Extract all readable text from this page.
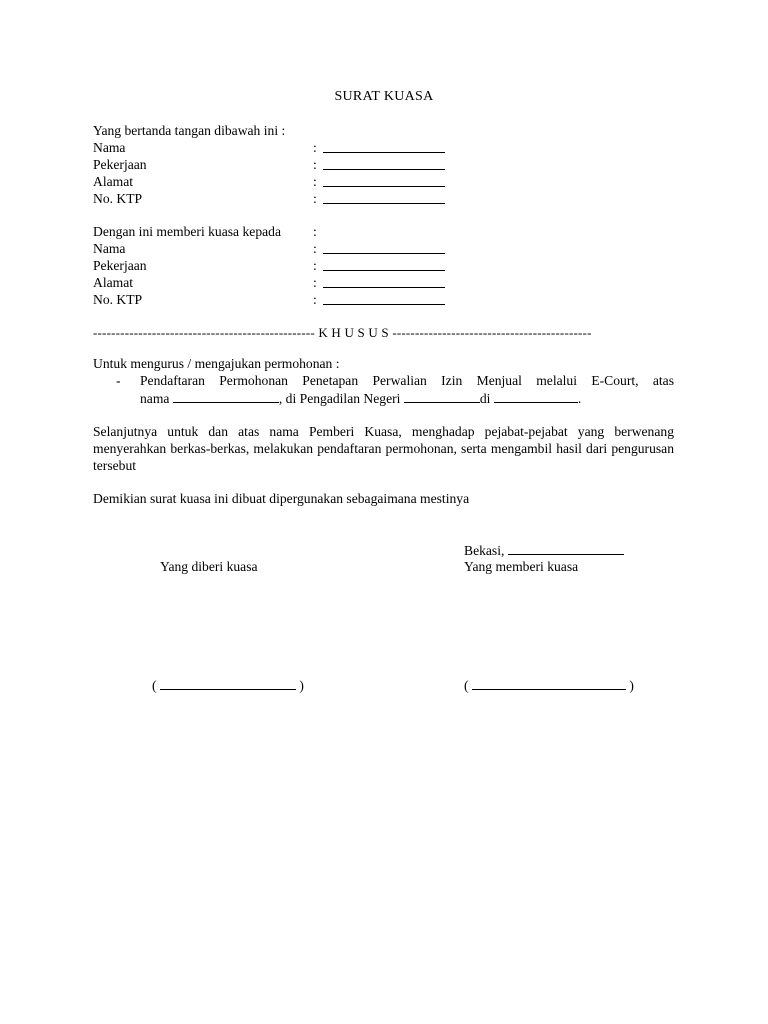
SURAT KUASA
Yang bertanda tangan dibawah ini :
Nama	:
Pekerjaan	:
Alamat	:
No. KTP	:
Dengan ini memberi kuasa kepada :
Nama	:
Pekerjaan	:
Alamat	:
No. KTP	:
------------------------------------------------- K H U S U S --------------------------------------------

Untuk mengurus / mengajukan permohonan :

- Pendaftaran Permohonan Penetapan Perwalian Izin Menjual melalui E-Court, atas
nama	, di Pengadilan Negeri	di	.
Selanjutnya untuk dan atas nama Pemberi Kuasa, menghadap pejabat-pejabat yang berwenang menyerahkan berkas-berkas, melakukan pendaftaran permohonan, serta mengambil hasil dari pengurusan tersebut
Demikian surat kuasa ini dibuat dipergunakan sebagaimana mestinya
Bekasi,
Yang diberi kuasa	Yang memberi kuasa
(	)	(	)
